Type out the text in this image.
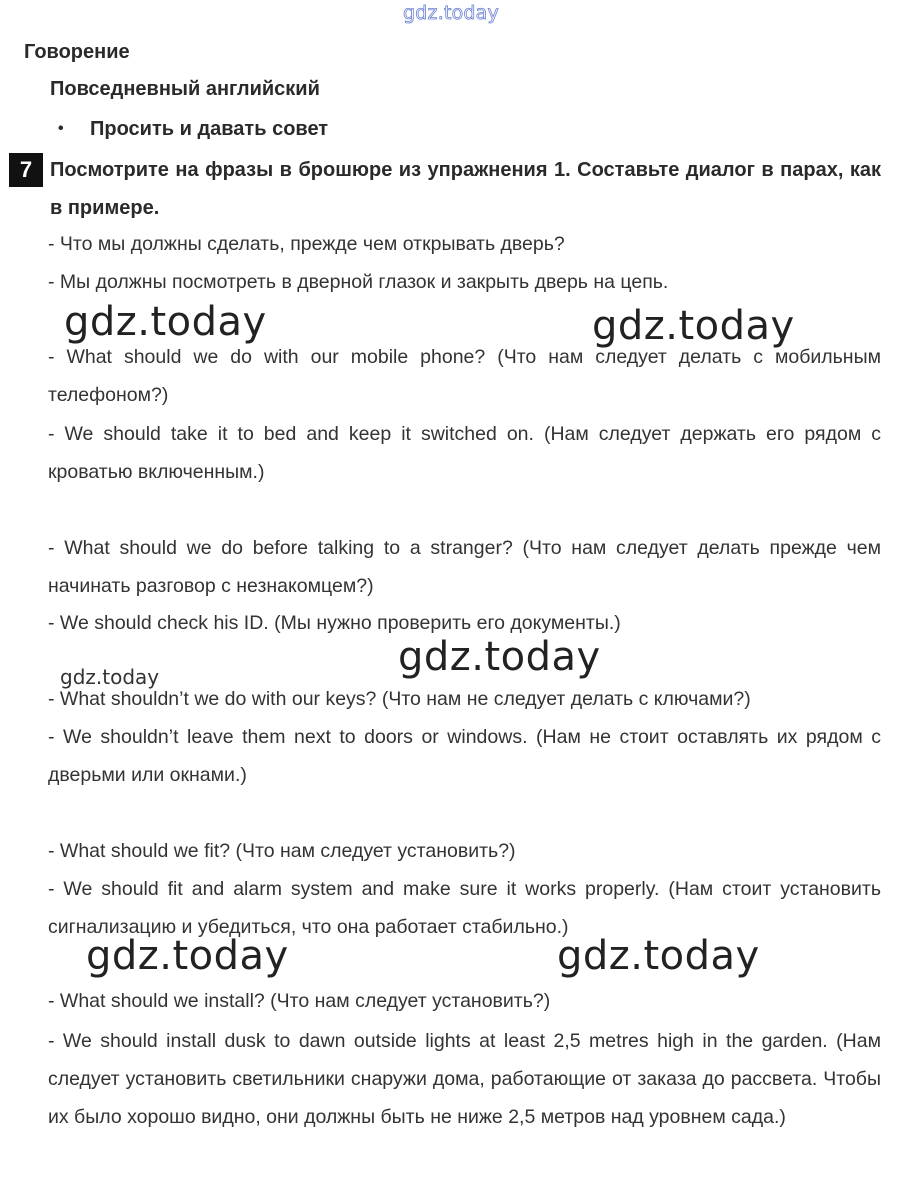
gdz.today
Говорение
Повседневный английский
• Просить и давать совет
7 Посмотрите на фразы в брошюре из упражнения 1. Составьте диалог в парах, как в примере.
- Что мы должны сделать, прежде чем открывать дверь?
- Мы должны посмотреть в дверной глазок и закрыть дверь на цепь.
gdz.today	gdz.today
- What should we do with our mobile phone? (Что нам следует делать с мобильным телефоном?)
- We should take it to bed and keep it switched on. (Нам следует держать его рядом с кроватью включенным.)
- What should we do before talking to a stranger? (Что нам следует делать прежде чем начинать разговор с незнакомцем?)
- We should check his ID. (Мы нужно проверить его документы.)
gdz.today	gdz.today
- What shouldn’t we do with our keys? (Что нам не следует делать с ключами?)
- We shouldn’t leave them next to doors or windows. (Нам не стоит оставлять их рядом с дверьми или окнами.)
- What should we fit? (Что нам следует установить?)
- We should fit and alarm system and make sure it works properly. (Нам стоит установить сигнализацию и убедиться, что она работает стабильно.)
gdz.today	gdz.today
- What should we install? (Что нам следует установить?)
- We should install dusk to dawn outside lights at least 2,5 metres high in the garden. (Нам следует установить светильники снаружи дома, работающие от заказа до рассвета. Чтобы их было хорошо видно, они должны быть не ниже 2,5 метров над уровнем сада.)
